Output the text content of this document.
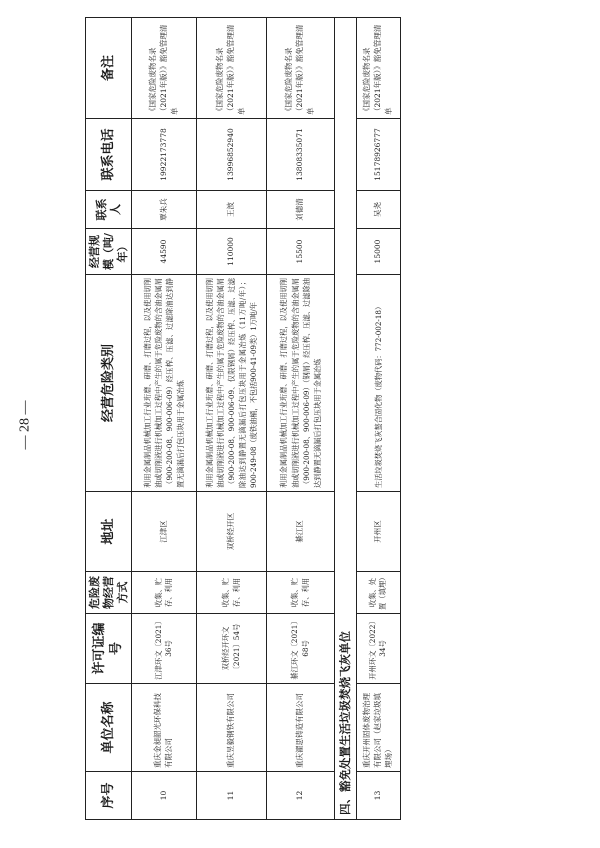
序号	单位名称	许可证编号	危险废物经营方式	地址	经营危险类别	经营规模（吨/年）	联系人	联系电话	备注
10	重庆金昶韶光环保科技有限公司	江津环文〔2021〕36号	收集、贮存、利用	江津区	利用金属制品机械加工行业珩磨、研磨、打磨过程，以及使用切削油或切削液进行机械加工过程中产生的属于危险废物的含油金属屑（900-200-08、900-006-09）经压榨、压滤、过滤除油达到静置无滴漏后打包压块用于金属冶炼	44590	覃朱兵	19922173778	《国家危险废物名录（2021年版）》豁免管理清单
11	重庆昱毅钢铁有限公司	双桥经开环文〔2021〕54号	收集、贮存、利用	双桥经开区	利用金属制品机械加工行业珩磨、研磨、打磨过程，以及使用切削油或切削液进行机械加工过程中产生的属于危险废物的含油金属屑（900-200-08、900-006-09、仅限钢屑）经压榨、压滤、过滤除油达到静置无滴漏后打包压块用于金属冶炼（11万吨/年）；900-249-08（废铁油桶，不包括900-41-09类）1万吨/年	110000	王波	13996852940	《国家危险废物名录（2021年版）》豁免管理清单
12	重庆濯思铸造有限公司	綦江环文〔2021〕68号	收集、贮存、利用	綦江区	利用金属制品机械加工行业珩磨、研磨、打磨过程，以及使用切削油或切削液进行机械加工过程中产生的属于危险废物的含油金属屑（900-200-08、900-006-09）（钢屑）经压榨、压滤、过滤除油达到静置无滴漏后打包压块用于金属冶炼	15500	刘德清	13808335071	《国家危险废物名录（2021年版）》豁免管理清单
四、豁免处置生活垃圾焚烧飞灰单位									
13	重庆开州固体废物治理有限公司（赵家垃圾填埋场）	开州环文〔2022〕34号	收集、处置（填埋）	开州区	生活垃圾焚烧飞灰螯合固化物（废物代码：772-002-18）	15000	吴尧	15178926777	《国家危险废物名录（2021年版）》豁免管理清单
— 28 —
